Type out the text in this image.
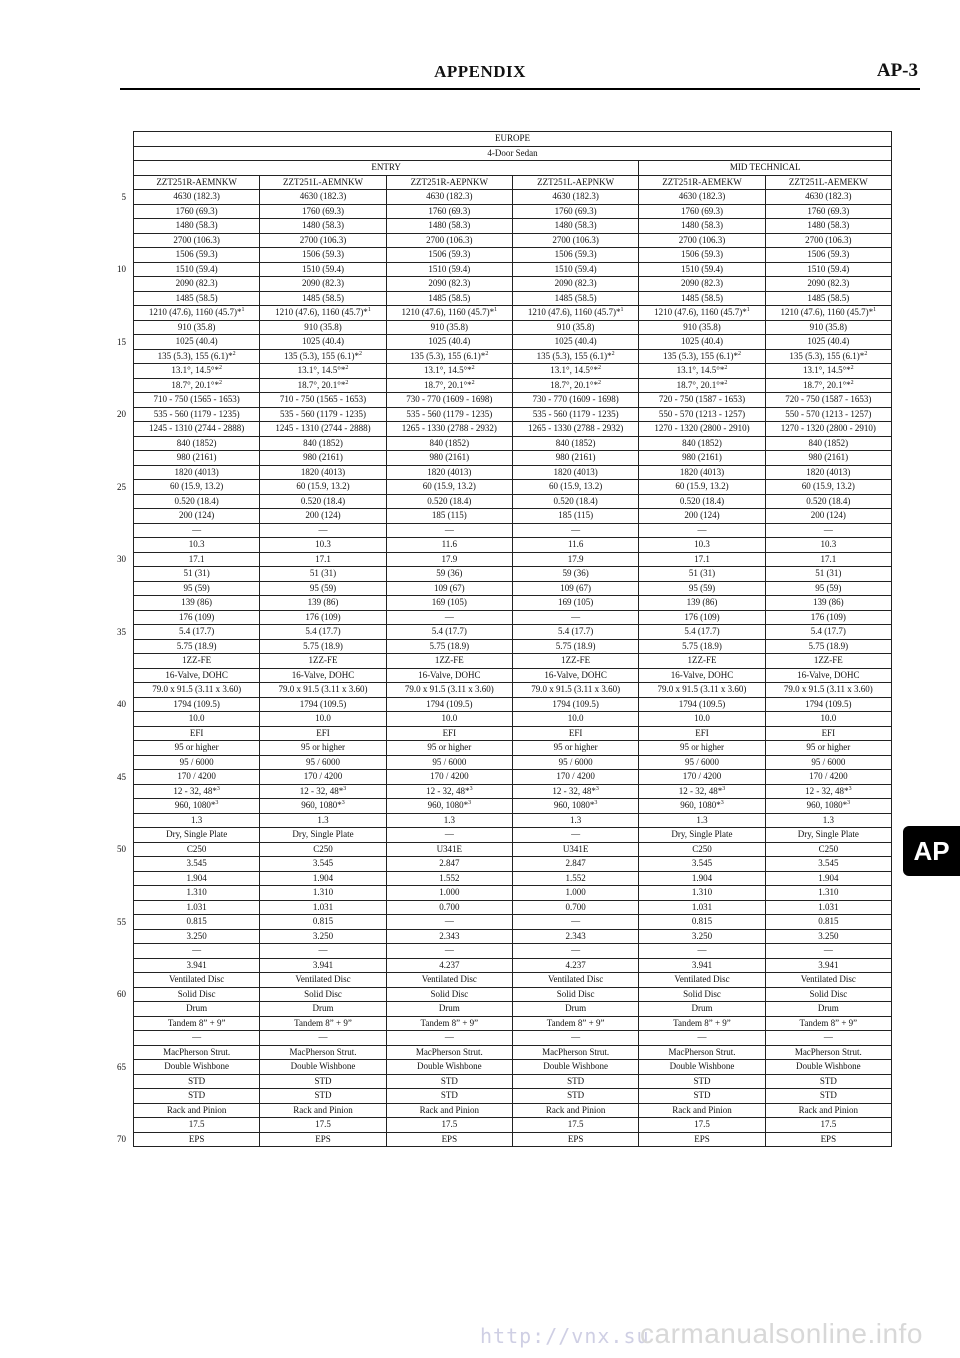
APPENDIX	AP-3
EUROPE					
4-Door Sedan					
ENTRY				MID TECHNICAL	
ZZT251R-AEMNKW	ZZT251L-AEMNKW	ZZT251R-AEPNKW	ZZT251L-AEPNKW	ZZT251R-AEMEKW	ZZT251L-AEMEKW
4630 (182.3)	4630 (182.3)	4630 (182.3)	4630 (182.3)	4630 (182.3)	4630 (182.3)
1760 (69.3)	1760 (69.3)	1760 (69.3)	1760 (69.3)	1760 (69.3)	1760 (69.3)
1480 (58.3)	1480 (58.3)	1480 (58.3)	1480 (58.3)	1480 (58.3)	1480 (58.3)
2700 (106.3)	2700 (106.3)	2700 (106.3)	2700 (106.3)	2700 (106.3)	2700 (106.3)
1506 (59.3)	1506 (59.3)	1506 (59.3)	1506 (59.3)	1506 (59.3)	1506 (59.3)
1510 (59.4)	1510 (59.4)	1510 (59.4)	1510 (59.4)	1510 (59.4)	1510 (59.4)
2090 (82.3)	2090 (82.3)	2090 (82.3)	2090 (82.3)	2090 (82.3)	2090 (82.3)
1485 (58.5)	1485 (58.5)	1485 (58.5)	1485 (58.5)	1485 (58.5)	1485 (58.5)
1210 (47.6), 1160 (45.7)*$^1$	1210 (47.6), 1160 (45.7)*$^1$	1210 (47.6), 1160 (45.7)*$^1$	1210 (47.6), 1160 (45.7)*$^1$	1210 (47.6), 1160 (45.7)*$^1$	1210 (47.6), 1160 (45.7)*$^1$
910 (35.8)	910 (35.8)	910 (35.8)	910 (35.8)	910 (35.8)	910 (35.8)
1025 (40.4)	1025 (40.4)	1025 (40.4)	1025 (40.4)	1025 (40.4)	1025 (40.4)
135 (5.3), 155 (6.1)*$^2$	135 (5.3), 155 (6.1)*$^2$	135 (5.3), 155 (6.1)*$^2$	135 (5.3), 155 (6.1)*$^2$	135 (5.3), 155 (6.1)*$^2$	135 (5.3), 155 (6.1)*$^2$
13.1°, 14.5°*$^2$	13.1°, 14.5°*$^2$	13.1°, 14.5°*$^2$	13.1°, 14.5°*$^2$	13.1°, 14.5°*$^2$	13.1°, 14.5°*$^2$
18.7°, 20.1°*$^2$	18.7°, 20.1°*$^2$	18.7°, 20.1°*$^2$	18.7°, 20.1°*$^2$	18.7°, 20.1°*$^2$	18.7°, 20.1°*$^2$
710 - 750 (1565 - 1653)	710 - 750 (1565 - 1653)	730 - 770 (1609 - 1698)	730 - 770 (1609 - 1698)	720 - 750 (1587 - 1653)	720 - 750 (1587 - 1653)
535 - 560 (1179 - 1235)	535 - 560 (1179 - 1235)	535 - 560 (1179 - 1235)	535 - 560 (1179 - 1235)	550 - 570 (1213 - 1257)	550 - 570 (1213 - 1257)
1245 - 1310 (2744 - 2888)	1245 - 1310 (2744 - 2888)	1265 - 1330 (2788 - 2932)	1265 - 1330 (2788 - 2932)	1270 - 1320 (2800 - 2910)	1270 - 1320 (2800 - 2910)
840 (1852)	840 (1852)	840 (1852)	840 (1852)	840 (1852)	840 (1852)
980 (2161)	980 (2161)	980 (2161)	980 (2161)	980 (2161)	980 (2161)
1820 (4013)	1820 (4013)	1820 (4013)	1820 (4013)	1820 (4013)	1820 (4013)
60 (15.9, 13.2)	60 (15.9, 13.2)	60 (15.9, 13.2)	60 (15.9, 13.2)	60 (15.9, 13.2)	60 (15.9, 13.2)
0.520 (18.4)	0.520 (18.4)	0.520 (18.4)	0.520 (18.4)	0.520 (18.4)	0.520 (18.4)
200 (124)	200 (124)	185 (115)	185 (115)	200 (124)	200 (124)
—	—	—	—	—	—
10.3	10.3	11.6	11.6	10.3	10.3
17.1	17.1	17.9	17.9	17.1	17.1
51 (31)	51 (31)	59 (36)	59 (36)	51 (31)	51 (31)
95 (59)	95 (59)	109 (67)	109 (67)	95 (59)	95 (59)
139 (86)	139 (86)	169 (105)	169 (105)	139 (86)	139 (86)
176 (109)	176 (109)	—	—	176 (109)	176 (109)
5.4 (17.7)	5.4 (17.7)	5.4 (17.7)	5.4 (17.7)	5.4 (17.7)	5.4 (17.7)
5.75 (18.9)	5.75 (18.9)	5.75 (18.9)	5.75 (18.9)	5.75 (18.9)	5.75 (18.9)
1ZZ-FE	1ZZ-FE	1ZZ-FE	1ZZ-FE	1ZZ-FE	1ZZ-FE
16-Valve, DOHC	16-Valve, DOHC	16-Valve, DOHC	16-Valve, DOHC	16-Valve, DOHC	16-Valve, DOHC
79.0 x 91.5 (3.11 x 3.60)	79.0 x 91.5 (3.11 x 3.60)	79.0 x 91.5 (3.11 x 3.60)	79.0 x 91.5 (3.11 x 3.60)	79.0 x 91.5 (3.11 x 3.60)	79.0 x 91.5 (3.11 x 3.60)
1794 (109.5)	1794 (109.5)	1794 (109.5)	1794 (109.5)	1794 (109.5)	1794 (109.5)
10.0	10.0	10.0	10.0	10.0	10.0
EFI	EFI	EFI	EFI	EFI	EFI
95 or higher	95 or higher	95 or higher	95 or higher	95 or higher	95 or higher
95 / 6000	95 / 6000	95 / 6000	95 / 6000	95 / 6000	95 / 6000
170 / 4200	170 / 4200	170 / 4200	170 / 4200	170 / 4200	170 / 4200
12 - 32, 48*$^3$	12 - 32, 48*$^3$	12 - 32, 48*$^3$	12 - 32, 48*$^3$	12 - 32, 48*$^3$	12 - 32, 48*$^3$
960, 1080*$^3$	960, 1080*$^3$	960, 1080*$^3$	960, 1080*$^3$	960, 1080*$^3$	960, 1080*$^3$
1.3	1.3	1.3	1.3	1.3	1.3
Dry, Single Plate	Dry, Single Plate	—	—	Dry, Single Plate	Dry, Single Plate
C250	C250	U341E	U341E	C250	C250
3.545	3.545	2.847	2.847	3.545	3.545
1.904	1.904	1.552	1.552	1.904	1.904
1.310	1.310	1.000	1.000	1.310	1.310
1.031	1.031	0.700	0.700	1.031	1.031
0.815	0.815	—	—	0.815	0.815
3.250	3.250	2.343	2.343	3.250	3.250
—	—	—	—	—	—
3.941	3.941	4.237	4.237	3.941	3.941
Ventilated Disc	Ventilated Disc	Ventilated Disc	Ventilated Disc	Ventilated Disc	Ventilated Disc
Solid Disc	Solid Disc	Solid Disc	Solid Disc	Solid Disc	Solid Disc
Drum	Drum	Drum	Drum	Drum	Drum
Tandem 8” + 9”	Tandem 8” + 9”	Tandem 8” + 9”	Tandem 8” + 9”	Tandem 8” + 9”	Tandem 8” + 9”
—	—	—	—	—	—
MacPherson Strut.	MacPherson Strut.	MacPherson Strut.	MacPherson Strut.	MacPherson Strut.	MacPherson Strut.
Double Wishbone	Double Wishbone	Double Wishbone	Double Wishbone	Double Wishbone	Double Wishbone
STD	STD	STD	STD	STD	STD
STD	STD	STD	STD	STD	STD
Rack and Pinion	Rack and Pinion	Rack and Pinion	Rack and Pinion	Rack and Pinion	Rack and Pinion
17.5	17.5	17.5	17.5	17.5	17.5
EPS	EPS	EPS	EPS	EPS	EPS
5
10
15
20
25
30
35
40
45
50
55
60
65
70
AP
http://vnx.su
carmanualsonline.info
